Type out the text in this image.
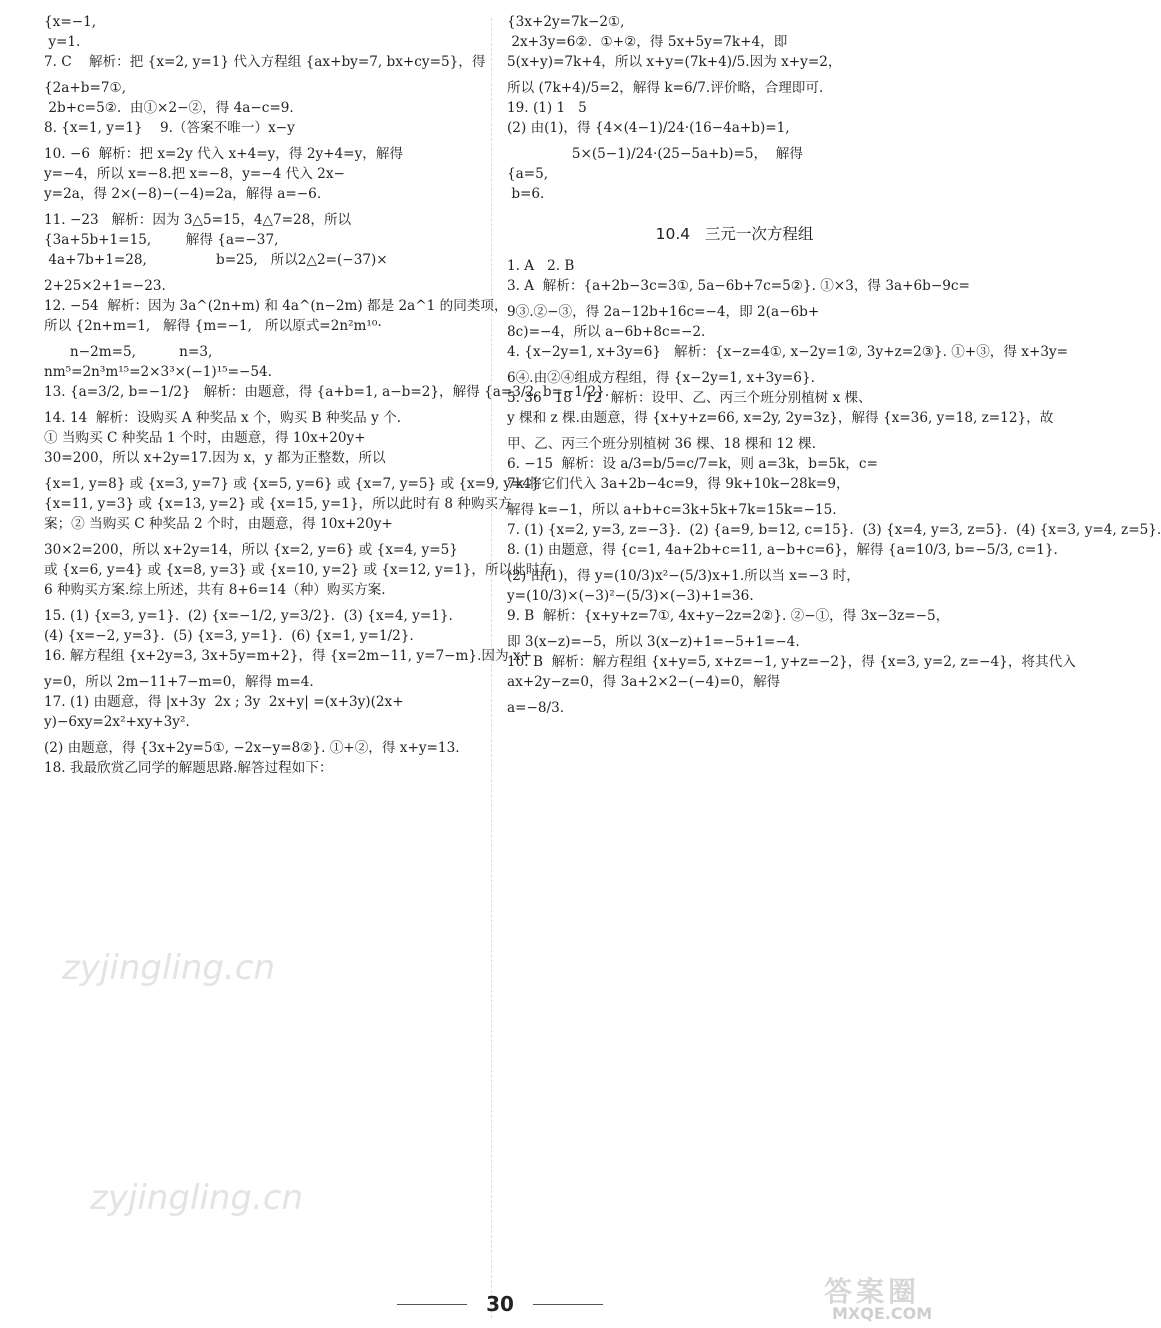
{x=−1,
y=1.
7. C    解析：把 {x=2, y=1} 代入方程组 {ax+by=7, bx+cy=5}，得
{2a+b=7①,
2b+c=5②.  由①×2−②，得 4a−c=9.
8. {x=1, y=1}    9.（答案不唯一）x−y
10. −6  解析：把 x=2y 代入 x+4=y，得 2y+4=y，解得
y=−4，所以 x=−8.把 x=−8，y=−4 代入 2x−
y=2a，得 2×(−8)−(−4)=2a，解得 a=−6.
11. −23   解析：因为 3△5=15，4△7=28，所以
{3a+5b+1=15,        解得 {a=−37,
4a+7b+1=28,                b=25,   所以2△2=(−37)×
2+25×2+1=−23.
12. −54  解析：因为 3a^(2n+m) 和 4a^(n−2m) 都是 2a^1 的同类项，
所以 {2n+m=1,   解得 {m=−1,   所以原式=2n²m¹⁰·
n−2m=5,          n=3,
nm⁵=2n³m¹⁵=2×3³×(−1)¹⁵=−54.
13. {a=3/2, b=−1/2}   解析：由题意，得 {a+b=1, a−b=2}，解得 {a=3/2, b=−1/2}.
14. 14  解析：设购买 A 种奖品 x 个，购买 B 种奖品 y 个.
① 当购买 C 种奖品 1 个时，由题意，得 10x+20y+
30=200，所以 x+2y=17.因为 x，y 都为正整数，所以
{x=1, y=8} 或 {x=3, y=7} 或 {x=5, y=6} 或 {x=7, y=5} 或 {x=9, y=4}
{x=11, y=3} 或 {x=13, y=2} 或 {x=15, y=1}，所以此时有 8 种购买方
案；② 当购买 C 种奖品 2 个时，由题意，得 10x+20y+
30×2=200，所以 x+2y=14，所以 {x=2, y=6} 或 {x=4, y=5}
或 {x=6, y=4} 或 {x=8, y=3} 或 {x=10, y=2} 或 {x=12, y=1}，所以此时有
6 种购买方案.综上所述，共有 8+6=14（种）购买方案.
15. (1) {x=3, y=1}.  (2) {x=−1/2, y=3/2}.  (3) {x=4, y=1}.
(4) {x=−2, y=3}.  (5) {x=3, y=1}.  (6) {x=1, y=1/2}.
16. 解方程组 {x+2y=3, 3x+5y=m+2}，得 {x=2m−11, y=7−m}.因为 x+
y=0，所以 2m−11+7−m=0，解得 m=4.
17. (1) 由题意，得 |x+3y  2x ; 3y  2x+y| =(x+3y)(2x+
y)−6xy=2x²+xy+3y².
(2) 由题意，得 {3x+2y=5①, −2x−y=8②}. ①+②，得 x+y=13.
18. 我最欣赏乙同学的解题思路.解答过程如下：
{3x+2y=7k−2①,
2x+3y=6②.  ①+②，得 5x+5y=7k+4，即
5(x+y)=7k+4，所以 x+y=(7k+4)/5.因为 x+y=2，
所以 (7k+4)/5=2，解得 k=6/7.评价略，合理即可.
19. (1) 1   5
(2) 由(1)，得 {4×(4−1)/24·(16−4a+b)=1,
5×(5−1)/24·(25−5a+b)=5，  解得
{a=5,
b=6.
10.4   三元一次方程组
1. A   2. B
3. A  解析：{a+2b−3c=3①, 5a−6b+7c=5②}. ①×3，得 3a+6b−9c=
9③.②−③，得 2a−12b+16c=−4，即 2(a−6b+
8c)=−4，所以 a−6b+8c=−2.
4. {x−2y=1, x+3y=6}   解析：{x−z=4①, x−2y=1②, 3y+z=2③}. ①+③，得 x+3y=
6④.由②④组成方程组，得 {x−2y=1, x+3y=6}.
5. 36   18   12  解析：设甲、乙、丙三个班分别植树 x 棵、
y 棵和 z 棵.由题意，得 {x+y+z=66, x=2y, 2y=3z}，解得 {x=36, y=18, z=12}，故
甲、乙、丙三个班分别植树 36 棵、18 棵和 12 棵.
6. −15  解析：设 a/3=b/5=c/7=k，则 a=3k，b=5k，c=
7k.将它们代入 3a+2b−4c=9，得 9k+10k−28k=9，
解得 k=−1，所以 a+b+c=3k+5k+7k=15k=−15.
7. (1) {x=2, y=3, z=−3}.  (2) {a=9, b=12, c=15}.  (3) {x=4, y=3, z=5}.  (4) {x=3, y=4, z=5}.
8. (1) 由题意，得 {c=1, 4a+2b+c=11, a−b+c=6}，解得 {a=10/3, b=−5/3, c=1}.
(2) 由(1)，得 y=(10/3)x²−(5/3)x+1.所以当 x=−3 时，
y=(10/3)×(−3)²−(5/3)×(−3)+1=36.
9. B  解析：{x+y+z=7①, 4x+y−2z=2②}. ②−①，得 3x−3z=−5，
即 3(x−z)=−5，所以 3(x−z)+1=−5+1=−4.
10. B  解析：解方程组 {x+y=5, x+z=−1, y+z=−2}，得 {x=3, y=2, z=−4}，将其代入
ax+2y−z=0，得 3a+2×2−(−4)=0，解得
a=−8/3.
zyjingling.cn
zyjingling.cn
30	答案圈
MXQE.COM
